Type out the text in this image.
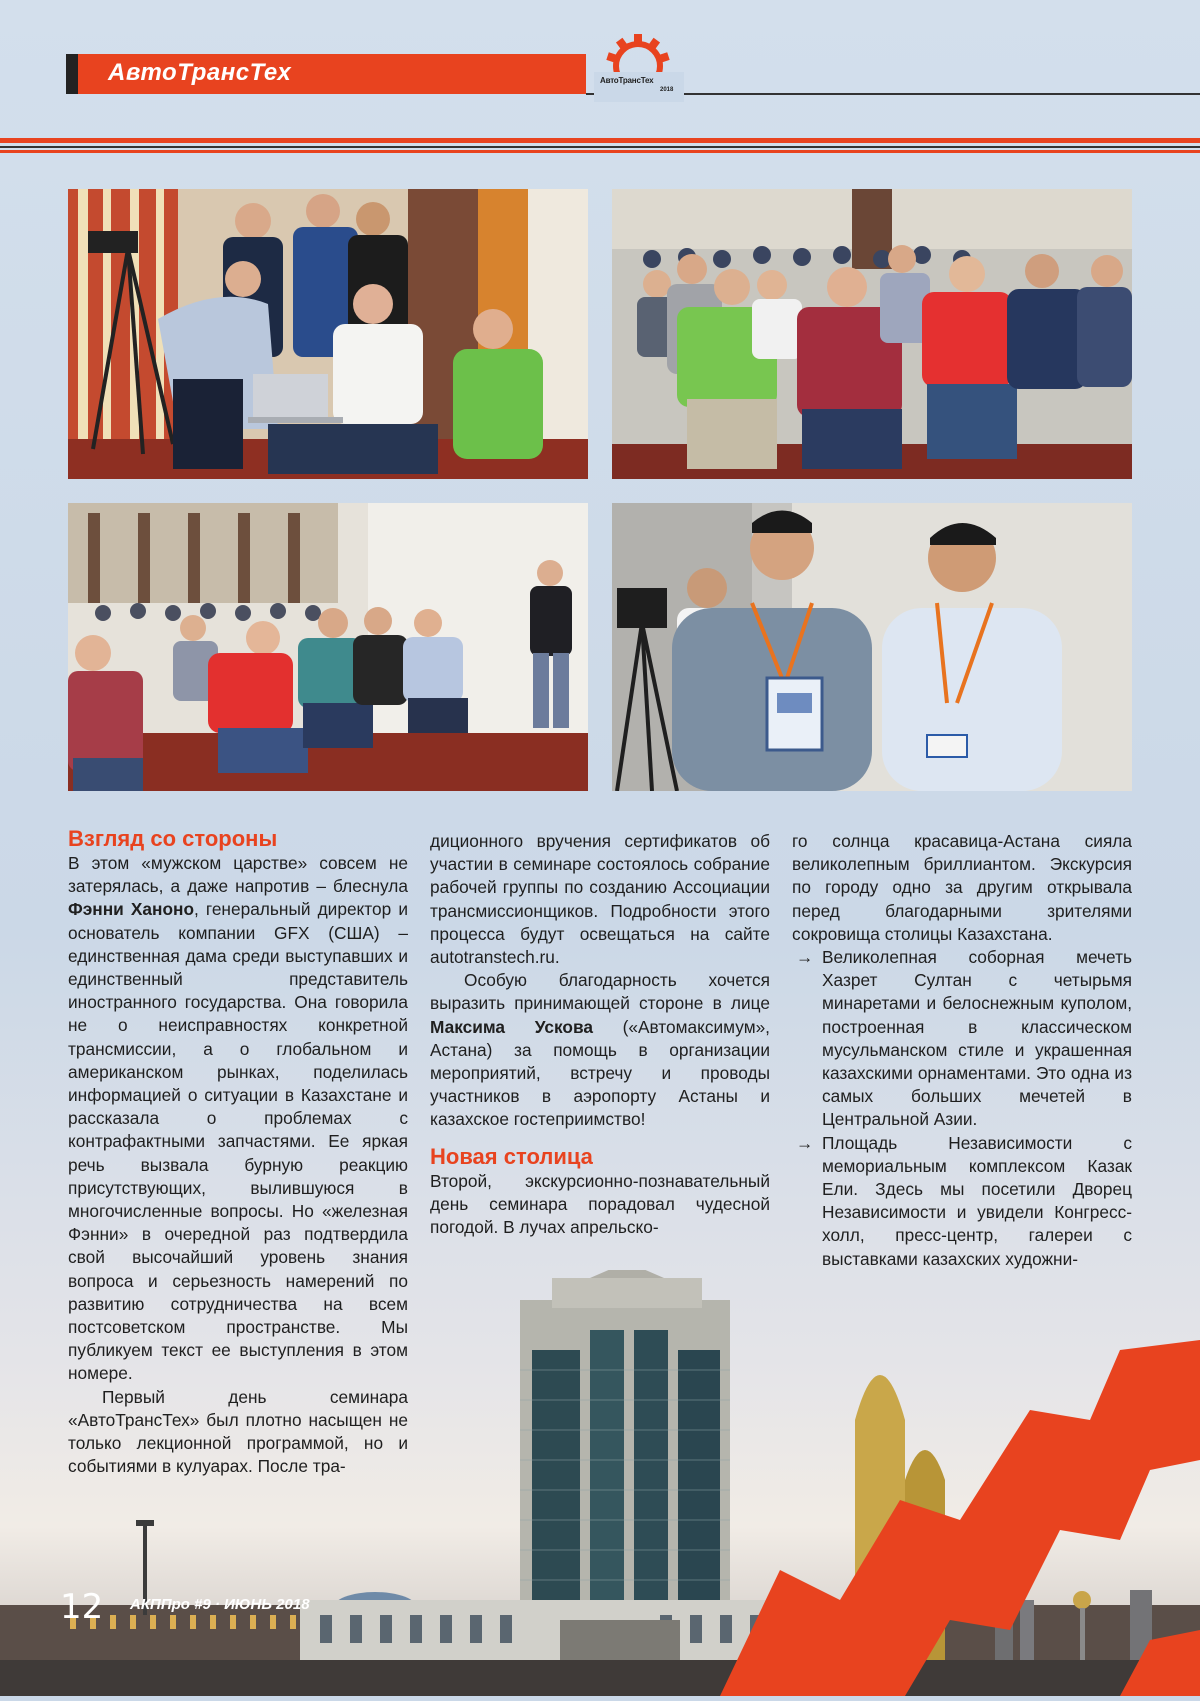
АвтоТрансТех	АвтоТрансТех
2018

Взгляд со стороны

В этом «мужском царстве» совсем не затерялась, а даже напротив – блеснула Фэнни Ханоно, генеральный директор и основатель компании GFX (США) – единственная дама среди выступавших и единственный представитель иностранного государства. Она говорила не о неисправностях конкретной трансмиссии, а о глобальном и американском рынках, поделилась информацией о ситуации в Казахстане и рассказала о проблемах с контрафактными запчастями. Ее яркая речь вызвала бурную реакцию присутствующих, вылившуюся в многочисленные вопросы. Но «железная Фэнни» в очередной раз подтвердила свой высочайший уровень знания вопроса и серьезность намерений по развитию сотрудничества на всем постсоветском пространстве. Мы публикуем текст ее выступления в этом номере.

Первый день семинара «АвтоТрансТех» был плотно насыщен не только лекционной программой, но и событиями в кулуарах. После тра-

диционного вручения сертификатов об участии в семинаре состоялось собрание рабочей группы по созданию Ассоциации трансмиссионщиков. Подробности этого процесса будут освещаться на сайте autotranstech.ru.

Особую благодарность хочется выразить принимающей стороне в лице Максима Ускова («Автомаксимум», Астана) за помощь в организации мероприятий, встречу и проводы участников в аэропорту Астаны и казахское гостеприимство!

Новая столица

Второй, экскурсионно-познавательный день семинара порадовал чудесной погодой. В лучах апрельско-

го солнца красавица-Астана сияла великолепным бриллиантом. Экскурсия по городу одно за другим открывала перед благодарными зрителями сокровища столицы Казахстана.

→ Великолепная соборная мечеть Хазрет Султан с четырьмя минаретами и белоснежным куполом, построенная в классическом мусульманском стиле и украшенная казахскими орнаментами. Это одна из самых больших мечетей в Центральной Азии.

→ Площадь Независимости с мемориальным комплексом Казак Ели. Здесь мы посетили Дворец Независимости и увидели Конгресс-холл, пресс-центр, галереи с выставками казахских художни-

12 АКППро #9 · ИЮНЬ 2018
